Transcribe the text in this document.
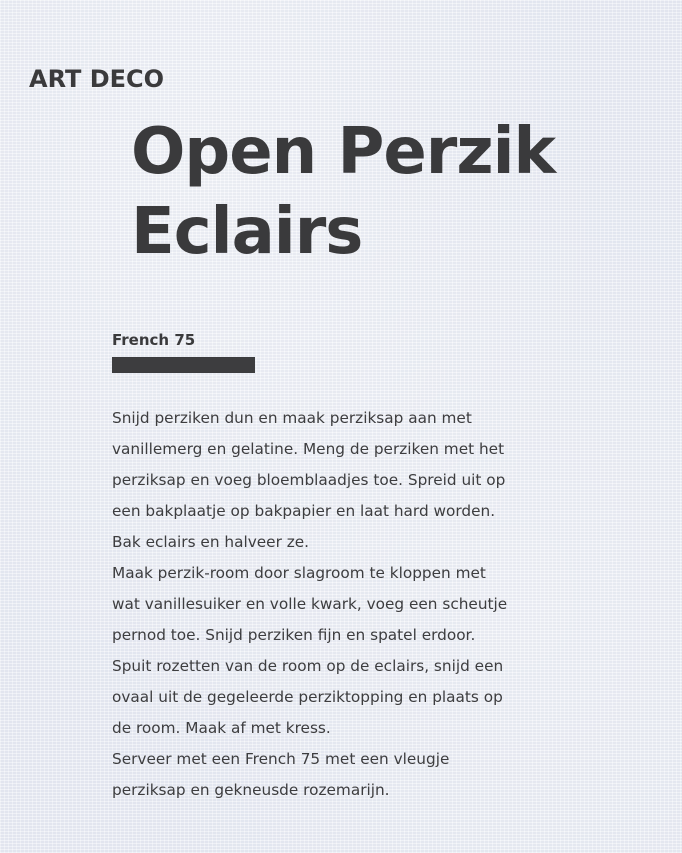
ART DECO
Open Perzik
Eclairs
French 75

Snijd perziken dun en maak perziksap aan met
vanillemerg en gelatine. Meng de perziken met het
perziksap en voeg bloemblaadjes toe. Spreid uit op
een bakplaatje op bakpapier en laat hard worden.
Bak eclairs en halveer ze.

Maak perzik-room door slagroom te kloppen met
wat vanillesuiker en volle kwark, voeg een scheutje
pernod toe. Snijd perziken fijn en spatel erdoor.
Spuit rozetten van de room op de eclairs, snijd een
ovaal uit de gegeleerde perziktopping en plaats op
de room. Maak af met kress.

Serveer met een French 75 met een vleugje
perziksap en gekneusde rozemarijn.
